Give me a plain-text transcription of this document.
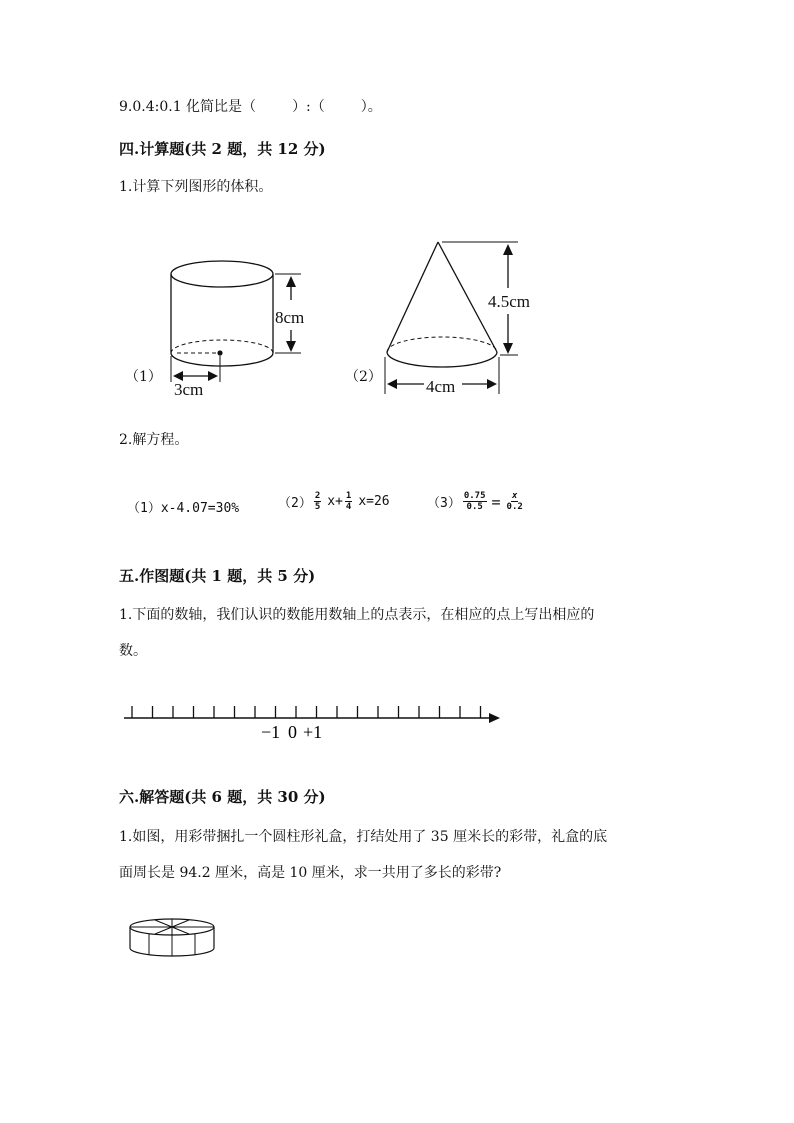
9.0.4:0.1 化简比是（	）:（	）。
四.计算题(共 2 题，共 12 分)
1.计算下列图形的体积。
（1）
8cm
3cm
（2）
4.5cm
4cm
2.解方程。
（1）x-4.07=30%	$(2) \frac{2}{5} x+ \frac{1}{4} x=26$	$(3) \frac{0.75}{0.5} = \frac{x}{0.2}$
五.作图题(共 1 题，共 5 分)
1.下面的数轴，我们认识的数能用数轴上的点表示，在相应的点上写出相应的
数。
−1 0 +1
六.解答题(共 6 题，共 30 分)
1.如图，用彩带捆扎一个圆柱形礼盒，打结处用了 35 厘米长的彩带，礼盒的底
面周长是 94.2 厘米，高是 10 厘米，求一共用了多长的彩带?
